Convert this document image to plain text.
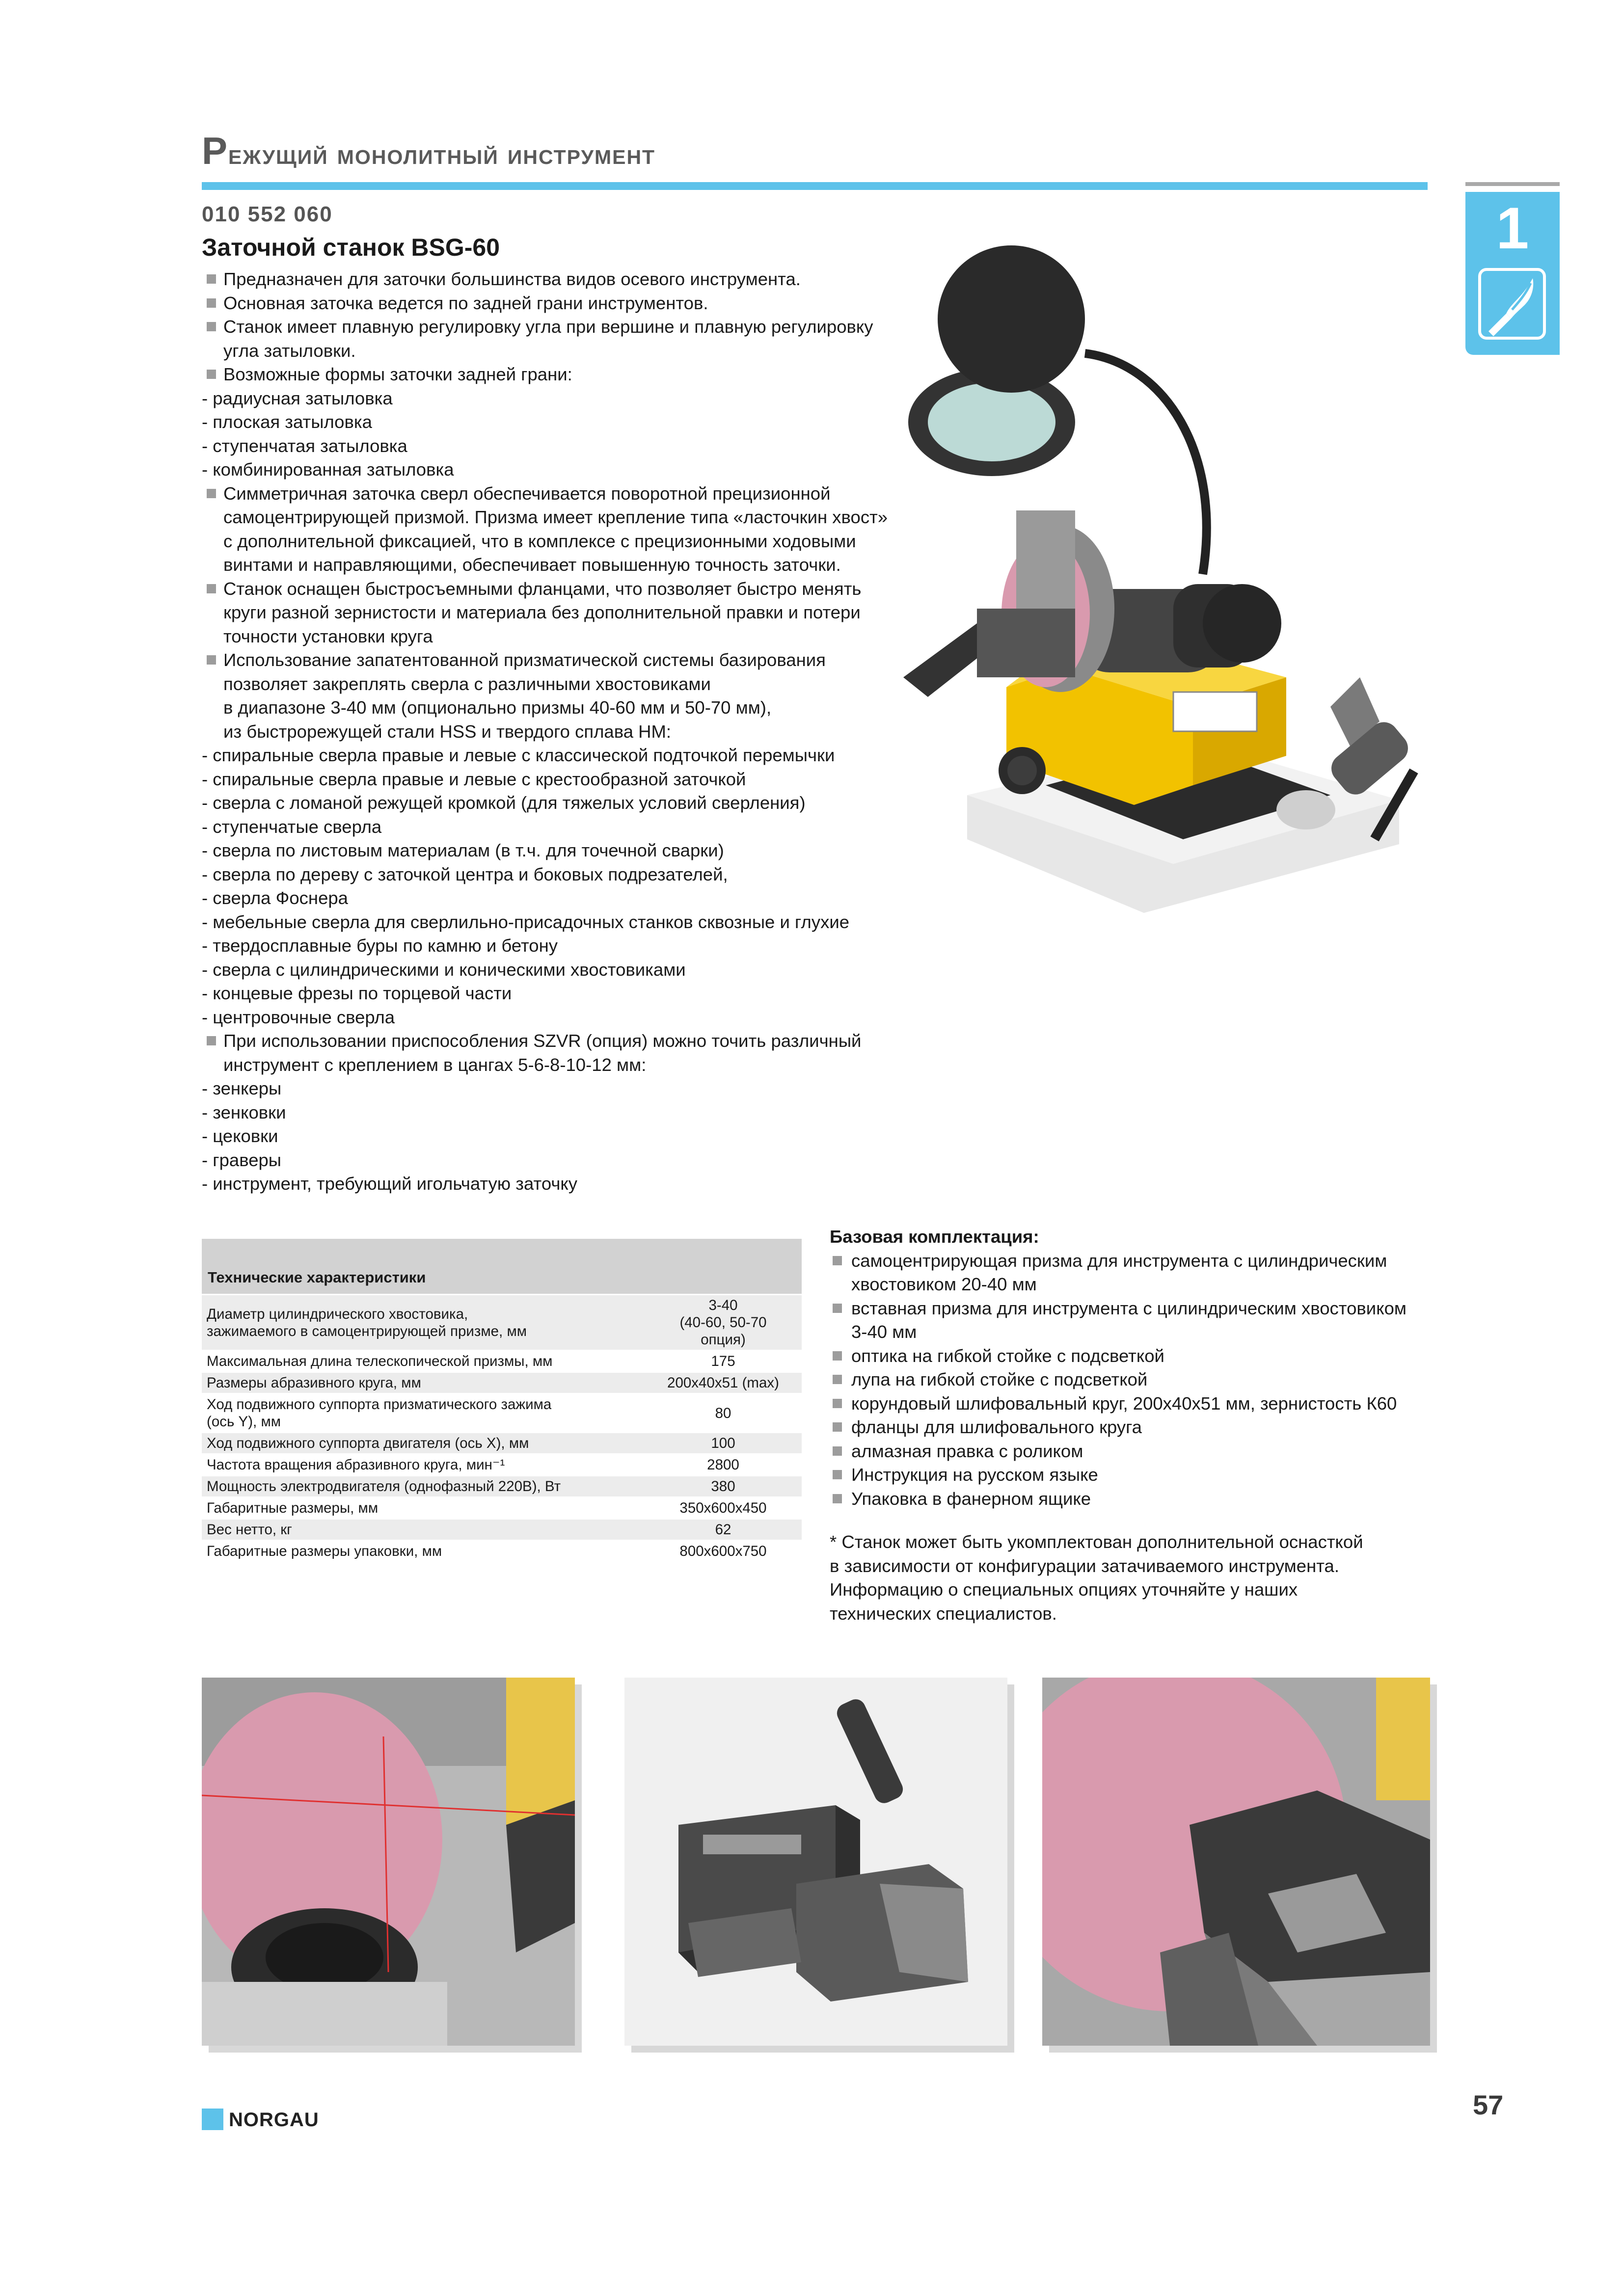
Режущий монолитный инструмент
1
010 552 060
Заточной станок BSG-60
Предназначен для заточки большинства видов осевого инструмента.
Основная заточка ведется по задней грани инструментов.
Станок имеет плавную регулировку угла при вершине и плавную регулировку
угла затыловки.
Возможные формы заточки задней грани:
- радиусная затыловка
- плоская затыловка
- ступенчатая затыловка
- комбинированная затыловка
Симметричная заточка сверл обеспечивается поворотной прецизионной
самоцентрирующей призмой. Призма имеет крепление типа «ласточкин хвост»
с дополнительной фиксацией, что в комплексе с прецизионными ходовыми
винтами и направляющими, обеспечивает повышенную точность заточки.
Станок оснащен быстросъемными фланцами, что позволяет быстро менять
круги разной зернистости и материала без дополнительной правки и потери
точности установки круга
Использование запатентованной призматической системы базирования
позволяет закреплять сверла с различными хвостовиками
в диапазоне 3-40 мм (опционально призмы 40-60 мм и 50-70 мм),
из быстрорежущей стали HSS и твердого сплава HM:
- спиральные сверла правые и левые с классической подточкой перемычки
- спиральные сверла правые и левые с крестообразной заточкой
- сверла с ломаной режущей кромкой (для тяжелых условий сверления)
- ступенчатые сверла
- сверла по листовым материалам (в т.ч. для точечной сварки)
- сверла по дереву с заточкой центра и боковых подрезателей,
- сверла Фоснера
- мебельные сверла для сверлильно-присадочных станков сквозные и глухие
- твердосплавные буры по камню и бетону
- сверла с цилиндрическими и коническими хвостовиками
- концевые фрезы по торцевой части
- центровочные сверла
При использовании приспособления SZVR (опция) можно точить различный
инструмент с креплением в цангах 5-6-8-10-12 мм:
- зенкеры
- зенковки
- цековки
- граверы
- инструмент, требующий игольчатую заточку
Технические характеристики	
Диаметр цилиндрического хвостовика,
зажимаемого в самоцентрирующей призме, мм	3-40
(40-60, 50-70
опция)
Максимальная длина телескопической призмы, мм	175
Размеры абразивного круга, мм	200x40x51 (max)
Ход подвижного суппорта призматического зажима
(ось Y), мм	80
Ход подвижного суппорта двигателя (ось X), мм	100
Частота вращения абразивного круга, мин⁻¹	2800
Мощность электродвигателя (однофазный 220В), Вт	380
Габаритные размеры, мм	350x600x450
Вес нетто, кг	62
Габаритные размеры упаковки, мм	800x600x750
Базовая комплектация:
самоцентрирующая призма для инструмента с цилиндрическим
хвостовиком 20-40 мм
вставная призма для инструмента с цилиндрическим хвостовиком
3-40 мм
оптика на гибкой стойке с подсветкой
лупа на гибкой стойке с подсветкой
корундовый шлифовальный круг, 200x40x51 мм, зернистость К60
фланцы для шлифовального круга
алмазная правка с роликом
Инструкция на русском языке
Упаковка в фанерном ящике
* Станок может быть укомплектован дополнительной оснасткой
в зависимости от конфигурации затачиваемого инструмента.
Информацию о специальных опциях уточняйте у наших
технических специалистов.
NORGAU	57
